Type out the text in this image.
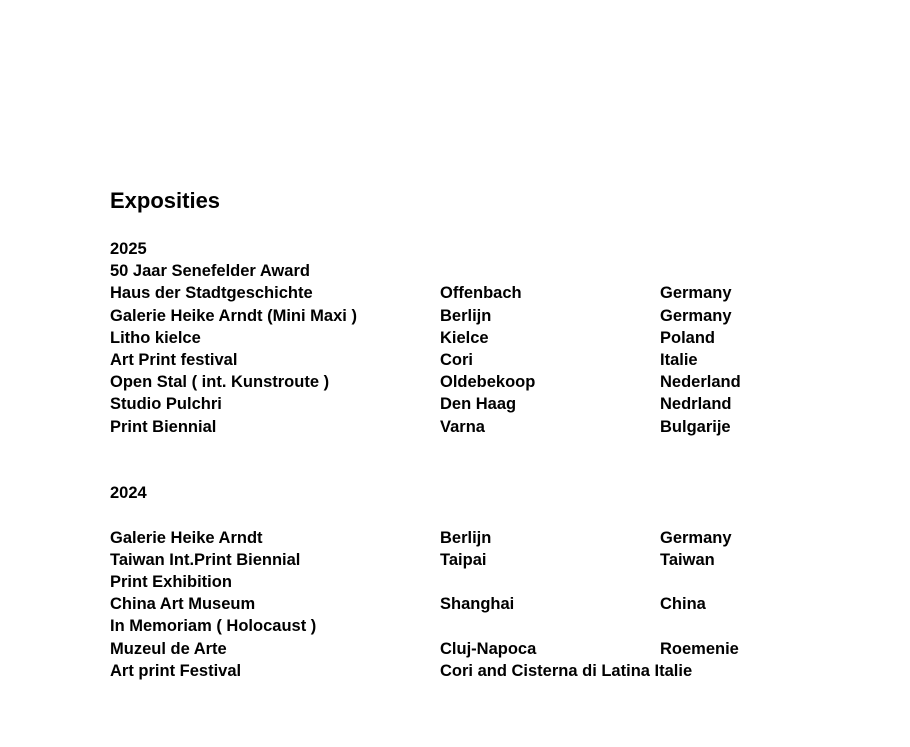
Exposities
2025
50 Jaar Senefelder Award
Haus der Stadtgeschichte	Offenbach	Germany
Galerie Heike Arndt (Mini Maxi )	Berlijn	Germany
Litho kielce	Kielce	Poland
Art Print festival	Cori	Italie
Open Stal ( int. Kunstroute )	Oldebekoop	Nederland
Studio Pulchri	Den Haag	Nedrland
Print Biennial	Varna	Bulgarije
2024
Galerie Heike Arndt	Berlijn	Germany
Taiwan Int.Print Biennial	Taipai	Taiwan
Print Exhibition
China Art Museum	Shanghai	China
In Memoriam ( Holocaust )
Muzeul de Arte	Cluj-Napoca	Roemenie
Art print Festival	Cori and Cisterna di Latina Italie
